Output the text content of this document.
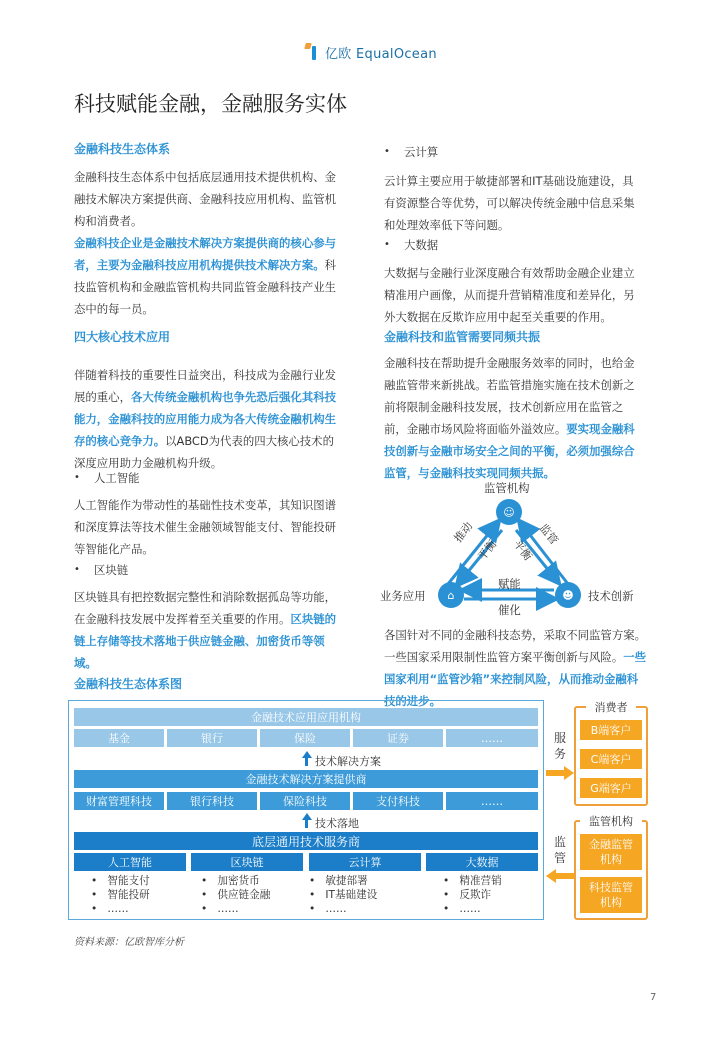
亿欧 EqualOcean
科技赋能金融，金融服务实体
金融科技生态体系
金融科技生态体系中包括底层通用技术提供机构、金融技术解决方案提供商、金融科技应用机构、监管机构和消费者。
金融科技企业是金融技术解决方案提供商的核心参与者，主要为金融科技应用机构提供技术解决方案。科技监管机构和金融监管机构共同监管金融科技产业生态中的每一员。
四大核心技术应用
伴随着科技的重要性日益突出，科技成为金融行业发展的重心，各大传统金融机构也争先恐后强化其科技能力，金融科技的应用能力成为各大传统金融机构生存的核心竞争力。以ABCD为代表的四大核心技术的深度应用助力金融机构升级。
•	人工智能
人工智能作为带动性的基础性技术变革，其知识图谱和深度算法等技术催生金融领域智能支付、智能投研等智能化产品。
•	区块链
区块链具有把控数据完整性和消除数据孤岛等功能，在金融科技发展中发挥着至关重要的作用。区块链的链上存储等技术落地于供应链金融、加密货币等领域。
金融科技生态体系图
•	云计算
云计算主要应用于敏捷部署和IT基础设施建设，具有资源整合等优势，可以解决传统金融中信息采集和处理效率低下等问题。
•	大数据
大数据与金融行业深度融合有效帮助金融企业建立精准用户画像，从而提升营销精准度和差异化，另外大数据在反欺诈应用中起至关重要的作用。
金融科技和监管需要同频共振
金融科技在帮助提升金融服务效率的同时，也给金融监管带来新挑战。若监管措施实施在技术创新之前将限制金融科技发展，技术创新应用在监管之前，金融市场风险将面临外溢效应。要实现金融科技创新与金融市场安全之间的平衡，必须加强综合监管，与金融科技实现同频共振。
☺
⌂	☻
监管机构
业务应用	技术创新
推动
平衡 平衡
监管
赋能
催化
各国针对不同的金融科技态势，采取不同监管方案。一些国家采用限制性监管方案平衡创新与风险。一些国家利用“监管沙箱”来控制风险，从而推动金融科技的进步。
金融技术应用应用机构
基金	银行	保险	证券	……
技术解决方案
金融技术解决方案提供商
财富管理科技	银行科技	保险科技	支付科技	……
技术落地
底层通用技术服务商
人工智能	区块链	云计算	大数据
•   智能支付
•   智能投研
•   ……
•   加密货币
•   供应链金融
•   ……
•   敏捷部署
•   IT基础建设
•   ……
•   精准营销
•   反欺诈
•   ……
服务
监管
消费者
B端客户
C端客户
G端客户
监管机构
金融监管机构
科技监管机构
资料来源：亿欧智库分析
7
